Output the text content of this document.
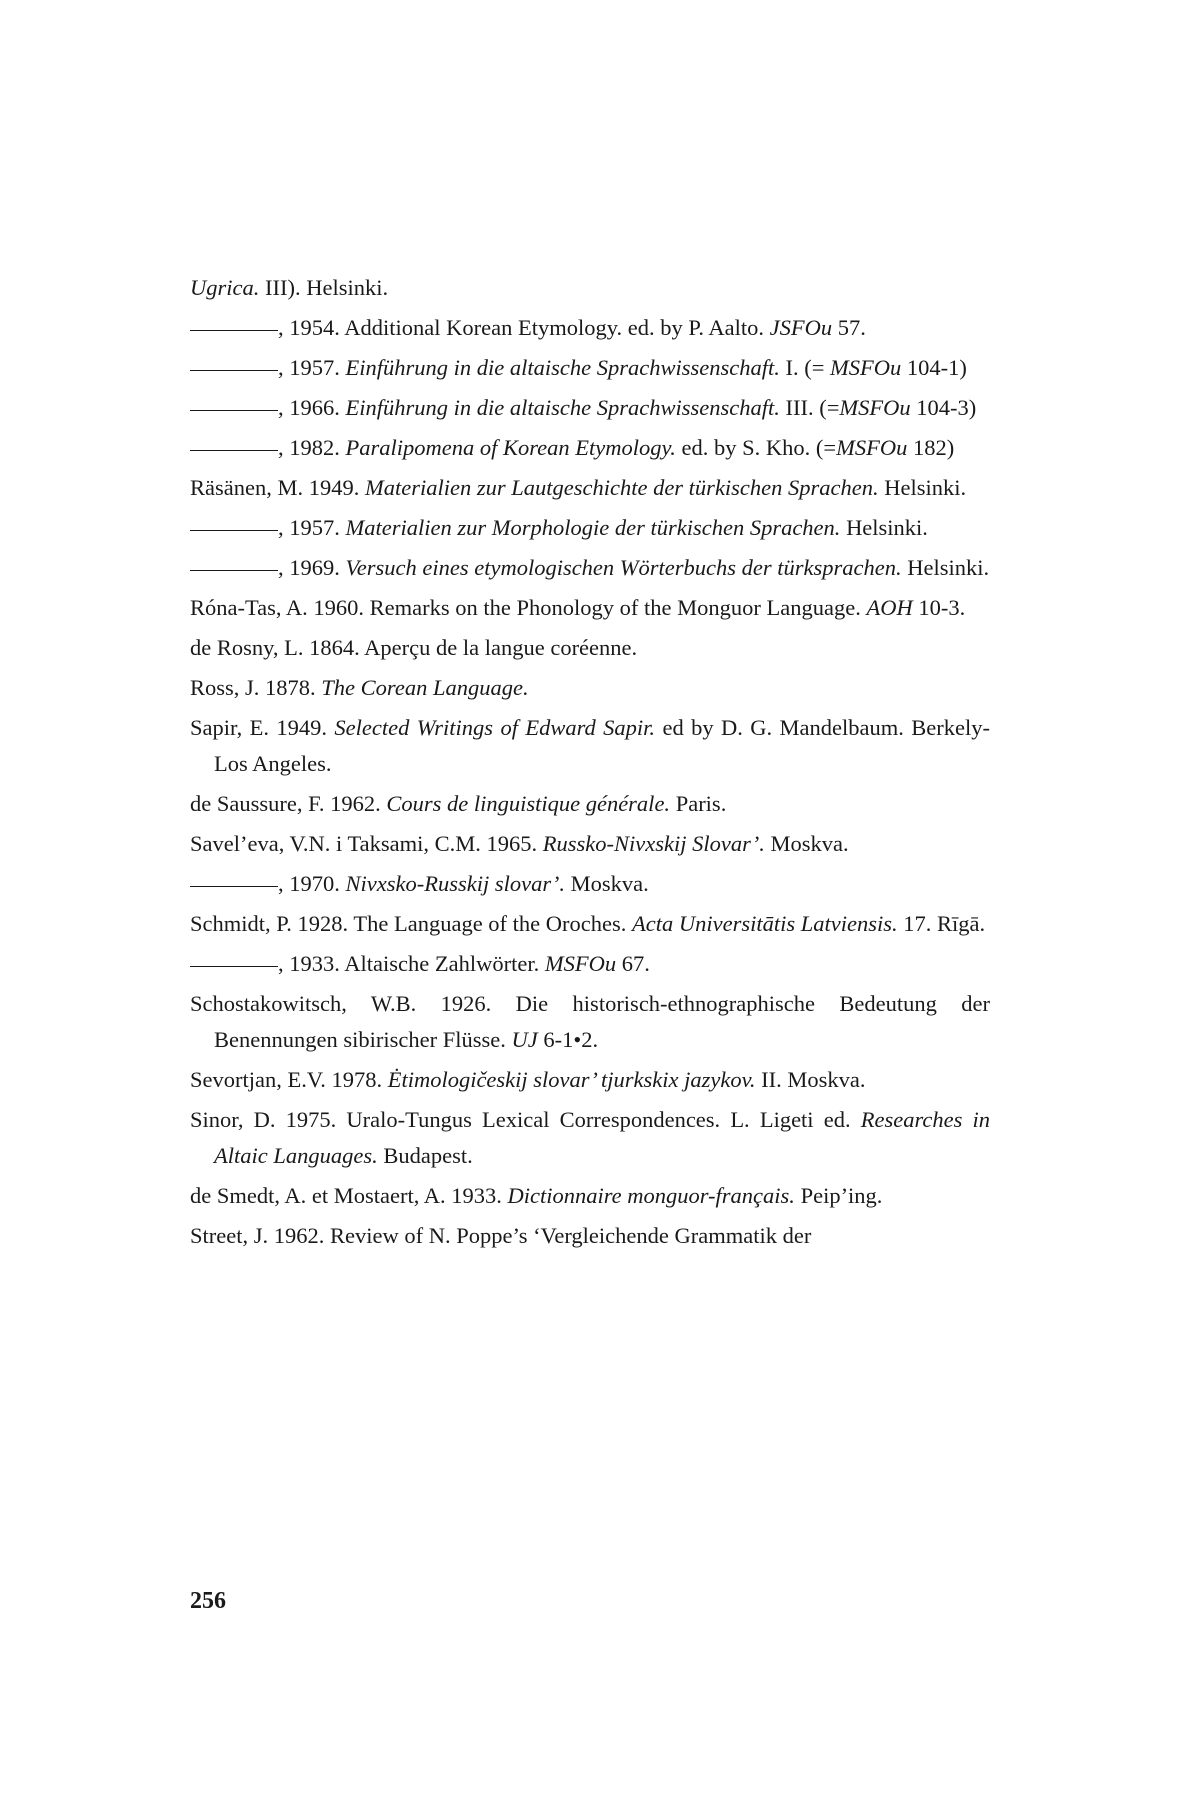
Ugrica. III). Helsinki.

, 1954. Additional Korean Etymology. ed. by P. Aalto. JSFOu 57.

, 1957. Einführung in die altaische Sprachwissenschaft. I. (= MSFOu 104-1)

, 1966. Einführung in die altaische Sprachwissenschaft. III. (=MSFOu 104-3)

, 1982. Paralipomena of Korean Etymology. ed. by S. Kho. (=MSFOu 182)

Räsänen, M. 1949. Materialien zur Lautgeschichte der türkischen Sprachen. Helsinki.

, 1957. Materialien zur Morphologie der türkischen Sprachen. Helsinki.

, 1969. Versuch eines etymologischen Wörterbuchs der türksprachen. Helsinki.

Róna-Tas, A. 1960. Remarks on the Phonology of the Monguor Language. AOH 10-3.

de Rosny, L. 1864. Aperçu de la langue coréenne.

Ross, J. 1878. The Corean Language.

Sapir, E. 1949. Selected Writings of Edward Sapir. ed by D. G. Mandelbaum. Berkely-Los Angeles.

de Saussure, F. 1962. Cours de linguistique générale. Paris.

Savel’eva, V.N. i Taksami, C.M. 1965. Russko-Nivxskij Slovar’. Moskva.

, 1970. Nivxsko-Russkij slovar’. Moskva.

Schmidt, P. 1928. The Language of the Oroches. Acta Universitātis Latviensis. 17. Rīgā.

, 1933. Altaische Zahlwörter. MSFOu 67.

Schostakowitsch, W.B. 1926. Die historisch-ethnographische Bedeutung der Benennungen sibirischer Flüsse. UJ 6-1•2.

Sevortjan, E.V. 1978. Ėtimologičeskij slovar’ tjurkskix jazykov. II. Moskva.

Sinor, D. 1975. Uralo-Tungus Lexical Correspondences. L. Ligeti ed. Researches in Altaic Languages. Budapest.

de Smedt, A. et Mostaert, A. 1933. Dictionnaire monguor-français. Peip’ing.

Street, J. 1962. Review of N. Poppe’s ‘Vergleichende Grammatik der

256
